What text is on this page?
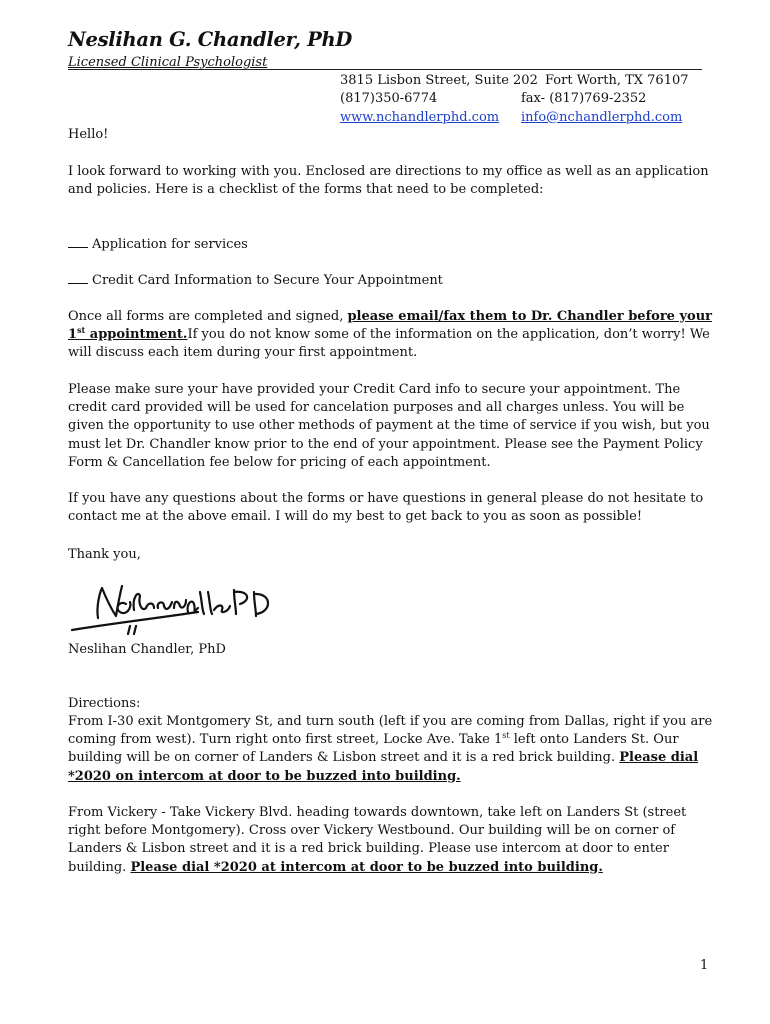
Neslihan G. Chandler, PhD
Licensed Clinical Psychologist
3815 Lisbon Street, Suite 202
(817)350-6774
www.nchandlerphd.com
Fort Worth, TX 76107
fax- (817)769-2352
info@nchandlerphd.com
Hello!

I look forward to working with you. Enclosed are directions to my office as well as an application and policies. Here is a checklist of the forms that need to be completed:

Application for services
Credit Card Information to Secure Your Appointment

Once all forms are completed and signed, please email/fax them to Dr. Chandler before your 1st appointment.If you do not know some of the information on the application, don’t worry! We will discuss each item during your first appointment.

Please make sure your have provided your Credit Card info to secure your appointment. The credit card provided will be used for cancelation purposes and all charges unless. You will be given the opportunity to use other methods of payment at the time of service if you wish, but you must let Dr. Chandler know prior to the end of your appointment. Please see the Payment Policy Form & Cancellation fee below for pricing of each appointment.

If you have any questions about the forms or have questions in general please do not hesitate to contact me at the above email. I will do my best to get back to you as soon as possible!

Thank you,
Neslihan Chandler, PhD
Directions:

From I-30 exit Montgomery St, and turn south (left if you are coming from Dallas, right if you are coming from west). Turn right onto first street, Locke Ave. Take 1st left onto Landers St. Our building will be on corner of Landers & Lisbon street and it is a red brick building. Please dial *2020 on intercom at door to be buzzed into building.

From Vickery - Take Vickery Blvd. heading towards downtown, take left on Landers St (street right before Montgomery). Cross over Vickery Westbound. Our building will be on corner of Landers & Lisbon street and it is a red brick building. Please use intercom at door to enter building. Please dial *2020 at intercom at door to be buzzed into building.

1
